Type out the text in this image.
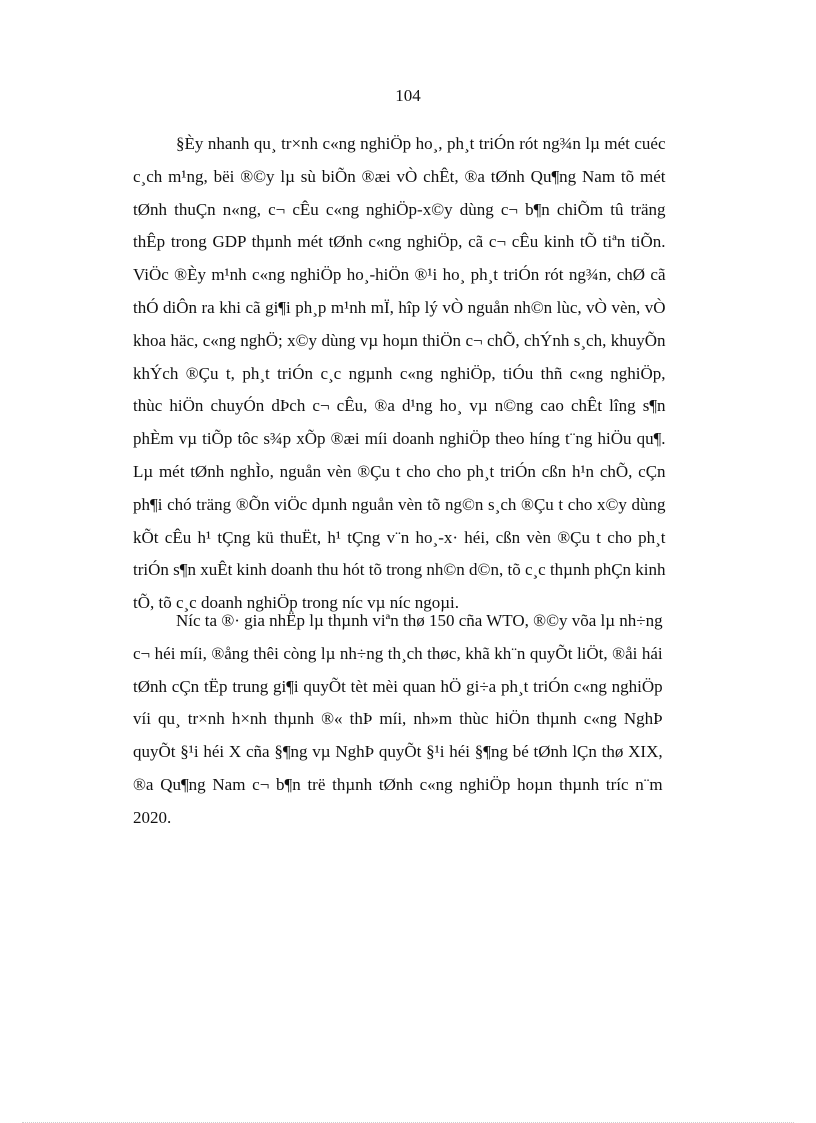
104
§Èy nhanh qu¸ tr×nh c«ng nghiÖp ho¸, ph¸t triÓn rót ng¾n lµ mét cuéc
c¸ch m¹ng, bëi ®©y lµ sù biÕn ®æi vÒ chÊt, ®a tØnh Qu¶ng Nam tõ mét
tØnh thuÇn n«ng, c¬ cÊu c«ng nghiÖp-x©y dùng c¬ b¶n chiÕm tû träng
thÊp trong GDP thµnh mét tØnh c«ng nghiÖp, cã c¬ cÊu kinh tÕ tiªn tiÕn.
ViÖc ®Èy m¹nh c«ng nghiÖp ho¸-hiÖn ®¹i ho¸ ph¸t triÓn rót ng¾n, chØ cã
thÓ diÔn ra khi cã gi¶i ph¸p m¹nh mÏ, hîp lý vÒ nguån nh©n lùc, vÒ vèn, vÒ
khoa häc, c«ng nghÖ; x©y dùng vµ hoµn thiÖn c¬ chÕ, chÝnh s¸ch, khuyÕn
khÝch ®Çu t, ph¸t triÓn c¸c ngµnh c«ng nghiÖp, tiÓu thñ c«ng nghiÖp,
thùc hiÖn chuyÓn dÞch c¬ cÊu, ®a d¹ng ho¸ vµ n©ng cao chÊt lîng s¶n
phÈm vµ tiÕp tôc s¾p xÕp ®æi míi doanh nghiÖp theo híng t¨ng hiÖu qu¶.
Lµ mét tØnh nghÌo, nguån vèn ®Çu t cho cho ph¸t triÓn cßn h¹n chÕ, cÇn
ph¶i chó träng ®Õn viÖc dµnh nguån vèn tõ ng©n s¸ch ®Çu t cho x©y dùng
kÕt cÊu h¹ tÇng kü thuËt, h¹ tÇng v¨n ho¸-x· héi, cßn vèn ®Çu t cho ph¸t
triÓn s¶n xuÊt kinh doanh thu hót tõ trong nh©n d©n, tõ c¸c thµnh phÇn kinh
tÕ, tõ c¸c doanh nghiÖp trong níc vµ níc ngoµi.
Níc ta ®· gia nhËp lµ thµnh viªn thø 150 cña WTO, ®©y võa lµ nh÷ng
c¬ héi míi, ®ång thêi còng lµ nh÷ng th¸ch thøc, khã kh¨n quyÕt liÖt, ®åi hái
tØnh cÇn tËp trung gi¶i quyÕt tèt mèi quan hÖ gi÷a ph¸t triÓn c«ng nghiÖp
víi qu¸ tr×nh h×nh thµnh ®« thÞ míi, nh»m thùc hiÖn thµnh c«ng NghÞ
quyÕt §¹i héi X cña §¶ng vµ NghÞ quyÕt §¹i héi §¶ng bé tØnh lÇn thø XIX,
®a Qu¶ng Nam c¬ b¶n trë thµnh tØnh c«ng nghiÖp hoµn thµnh tríc n¨m
2020.
